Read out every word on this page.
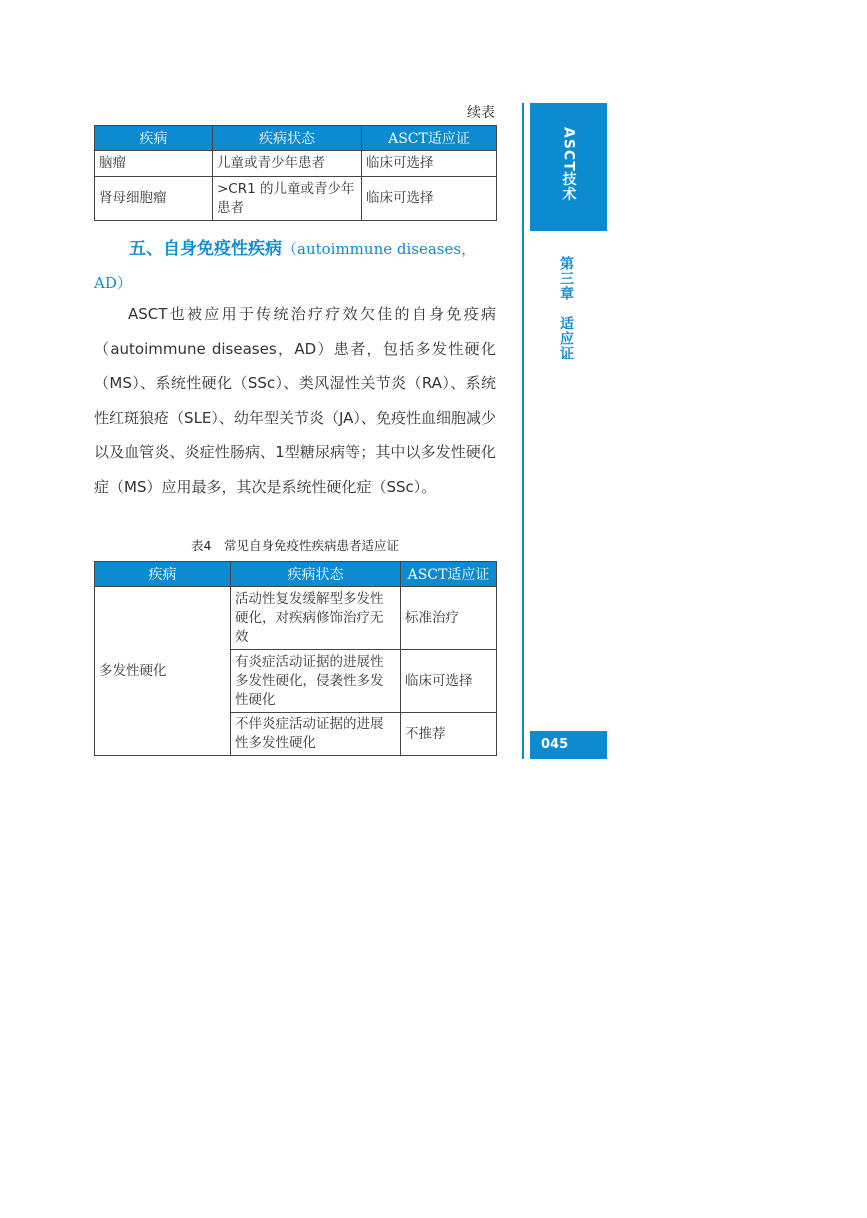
续表
疾病	疾病状态	ASCT适应证
脑瘤	儿童或青少年患者	临床可选择
肾母细胞瘤	>CR1 的儿童或青少年患者	临床可选择
五、自身免疫性疾病（autoimmune diseases，AD）
ASCT也被应用于传统治疗疗效欠佳的自身免疫病（autoimmune diseases，AD）患者，包括多发性硬化（MS）、系统性硬化（SSc）、类风湿性关节炎（RA）、系统性红斑狼疮（SLE）、幼年型关节炎（JA）、免疫性血细胞减少以及血管炎、炎症性肠病、1型糖尿病等；其中以多发性硬化症（MS）应用最多，其次是系统性硬化症（SSc）。
表4　常见自身免疫性疾病患者适应证
疾病	疾病状态	ASCT适应证
多发性硬化	活动性复发缓解型多发性硬化，对疾病修饰治疗无效	标准治疗
	有炎症活动证据的进展性多发性硬化，侵袭性多发性硬化	临床可选择
	不伴炎症活动证据的进展性多发性硬化	不推荐
ASCT技术
第三章　适应证
045
